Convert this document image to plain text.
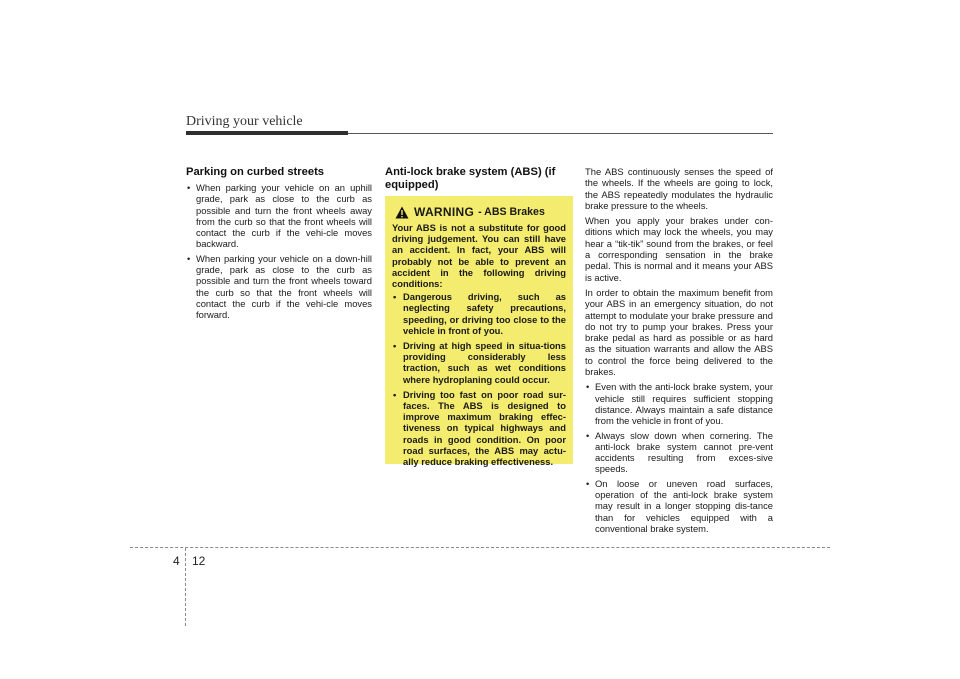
Driving your vehicle
Parking on curbed streets
• When parking your vehicle on an uphill grade, park as close to the curb as possible and turn the front wheels away from the curb so that the front wheels will contact the curb if the vehi-cle moves backward.
• When parking your vehicle on a down-hill grade, park as close to the curb as possible and turn the front wheels toward the curb so that the front wheels will contact the curb if the vehi-cle moves forward.
Anti-lock brake system (ABS) (if equipped)
WARNING - ABS Brakes

Your ABS is not a substitute for good driving judgement. You can still have an accident. In fact, your ABS will probably not be able to prevent an accident in the following driving conditions:

• Dangerous driving, such as neglecting safety precautions, speeding, or driving too close to the vehicle in front of you.
• Driving at high speed in situa-tions providing considerably less traction, such as wet conditions where hydroplaning could occur.
• Driving too fast on poor road sur-faces. The ABS is designed to improve maximum braking effec-tiveness on typical highways and roads in good condition. On poor road surfaces, the ABS may actu-ally reduce braking effectiveness.

The ABS continuously senses the speed of the wheels. If the wheels are going to lock, the ABS repeatedly modulates the hydraulic brake pressure to the wheels.

When you apply your brakes under con-ditions which may lock the wheels, you may hear a “tik-tik” sound from the brakes, or feel a corresponding sensation in the brake pedal. This is normal and it means your ABS is active.

In order to obtain the maximum benefit from your ABS in an emergency situation, do not attempt to modulate your brake pressure and do not try to pump your brakes. Press your brake pedal as hard as possible or as hard as the situation warrants and allow the ABS to control the force being delivered to the brakes.

• Even with the anti-lock brake system, your vehicle still requires sufficient stopping distance. Always maintain a safe distance from the vehicle in front of you.
• Always slow down when cornering. The anti-lock brake system cannot pre-vent accidents resulting from exces-sive speeds.
• On loose or uneven road surfaces, operation of the anti-lock brake system may result in a longer stopping dis-tance than for vehicles equipped with a conventional brake system.
4 12
